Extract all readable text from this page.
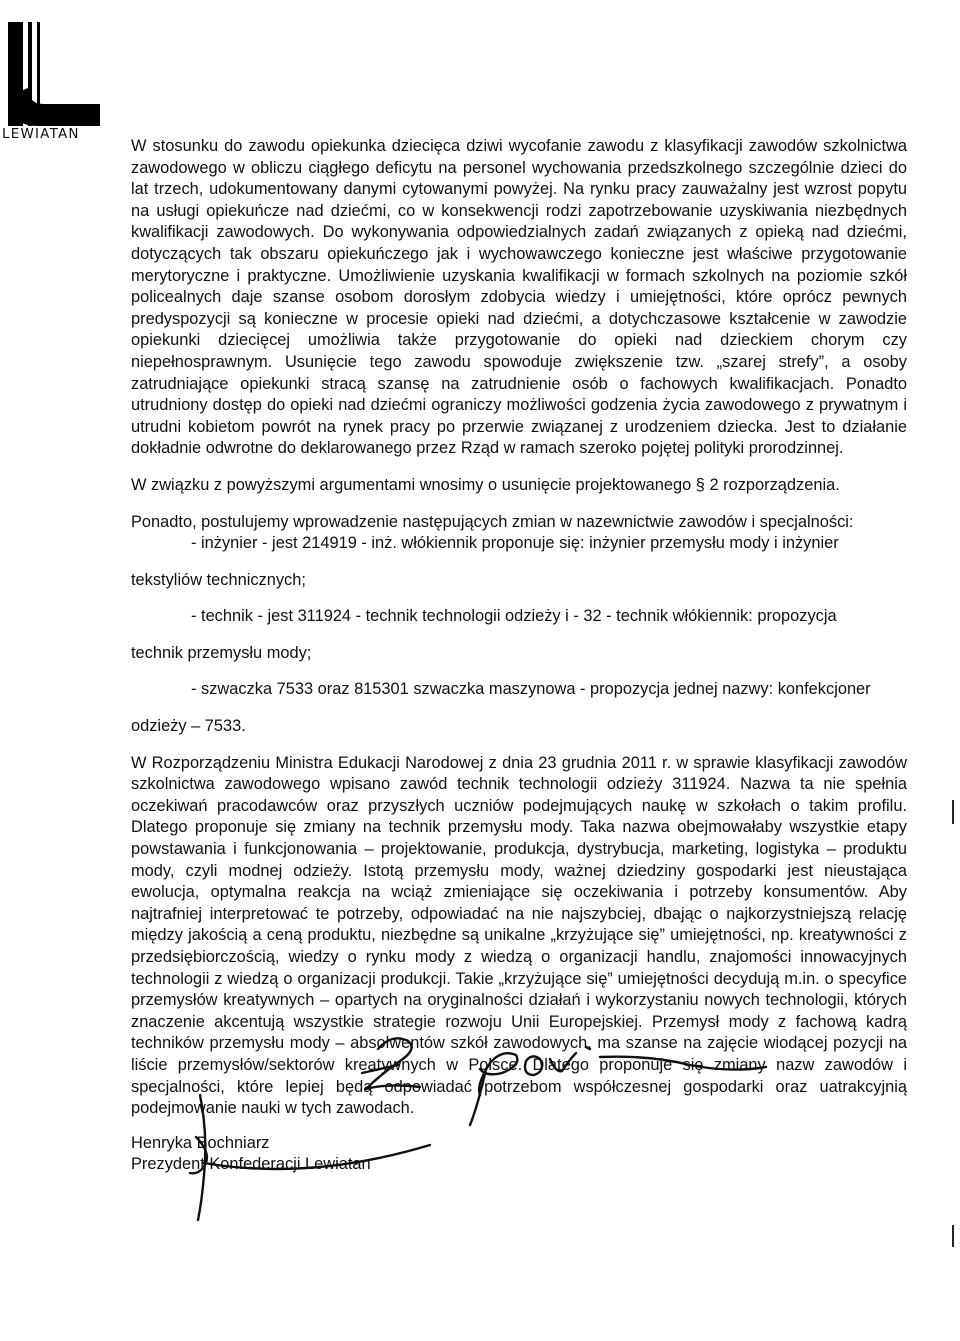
LEWIATAN

W stosunku do zawodu opiekunka dziecięca dziwi wycofanie zawodu z klasyfikacji zawodów szkolnictwa zawodowego w obliczu ciągłego deficytu na personel wychowania przedszkolnego szczególnie dzieci do lat trzech, udokumentowany danymi cytowanymi powyżej. Na rynku pracy zauważalny jest wzrost popytu na usługi opiekuńcze nad dziećmi, co w konsekwencji rodzi zapotrzebowanie uzyskiwania niezbędnych kwalifikacji zawodowych. Do wykonywania odpowiedzialnych zadań związanych z opieką nad dziećmi, dotyczących tak obszaru opiekuńczego jak i wychowawczego konieczne jest właściwe przygotowanie merytoryczne i praktyczne. Umożliwienie uzyskania kwalifikacji w formach szkolnych na poziomie szkół policealnych daje szanse osobom dorosłym zdobycia wiedzy i umiejętności, które oprócz pewnych predyspozycji są konieczne w procesie opieki nad dziećmi, a dotychczasowe kształcenie w zawodzie opiekunki dziecięcej umożliwia także przygotowanie do opieki nad dzieckiem chorym czy niepełnosprawnym. Usunięcie tego zawodu spowoduje zwiększenie tzw. „szarej strefy”, a osoby zatrudniające opiekunki stracą szansę na zatrudnienie osób o fachowych kwalifikacjach. Ponadto utrudniony dostęp do opieki nad dziećmi ograniczy możliwości godzenia życia zawodowego z prywatnym i utrudni kobietom powrót na rynek pracy po przerwie związanej z urodzeniem dziecka. Jest to działanie dokładnie odwrotne do deklarowanego przez Rząd w ramach szeroko pojętej polityki prorodzinnej.

W związku z powyższymi argumentami wnosimy o usunięcie projektowanego § 2 rozporządzenia.

Ponadto, postulujemy wprowadzenie następujących zmian w nazewnictwie zawodów i specjalności:

- inżynier - jest 214919 - inż. włókiennik proponuje się: inżynier przemysłu mody i inżynier

tekstyliów technicznych;

- technik - jest 311924 - technik technologii odzieży i - 32 - technik włókiennik: propozycja

technik przemysłu mody;

- szwaczka 7533 oraz 815301 szwaczka maszynowa - propozycja jednej nazwy: konfekcjoner

odzieży – 7533.

W Rozporządzeniu Ministra Edukacji Narodowej z dnia 23 grudnia 2011 r. w sprawie klasyfikacji zawodów szkolnictwa zawodowego wpisano zawód technik technologii odzieży 311924. Nazwa ta nie spełnia oczekiwań pracodawców oraz przyszłych uczniów podejmujących naukę w szkołach o takim profilu. Dlatego proponuje się zmiany na technik przemysłu mody. Taka nazwa obejmowałaby wszystkie etapy powstawania i funkcjonowania – projektowanie, produkcja, dystrybucja, marketing, logistyka – produktu mody, czyli modnej odzieży. Istotą przemysłu mody, ważnej dziedziny gospodarki jest nieustająca ewolucja, optymalna reakcja na wciąż zmieniające się oczekiwania i potrzeby konsumentów. Aby najtrafniej interpretować te potrzeby, odpowiadać na nie najszybciej, dbając o najkorzystniejszą relację między jakością a ceną produktu, niezbędne są unikalne „krzyżujące się” umiejętności, np. kreatywności z przedsiębiorczością, wiedzy o rynku mody z wiedzą o organizacji handlu, znajomości innowacyjnych technologii z wiedzą o organizacji produkcji. Takie „krzyżujące się” umiejętności decydują m.in. o specyfice przemysłów kreatywnych – opartych na oryginalności działań i wykorzystaniu nowych technologii, których znaczenie akcentują wszystkie strategie rozwoju Unii Europejskiej. Przemysł mody z fachową kadrą techników przemysłu mody – absolwentów szkół zawodowych, ma szanse na zajęcie wiodącej pozycji na liście przemysłów/sektorów kreatywnych w Polsce. Dlatego proponuje się zmiany nazw zawodów i specjalności, które lepiej będą odpowiadać potrzebom współczesnej gospodarki oraz uatrakcyjnią podejmowanie nauki w tych zawodach.

Henryka Bochniarz
Prezydent Konfederacji Lewiatan
